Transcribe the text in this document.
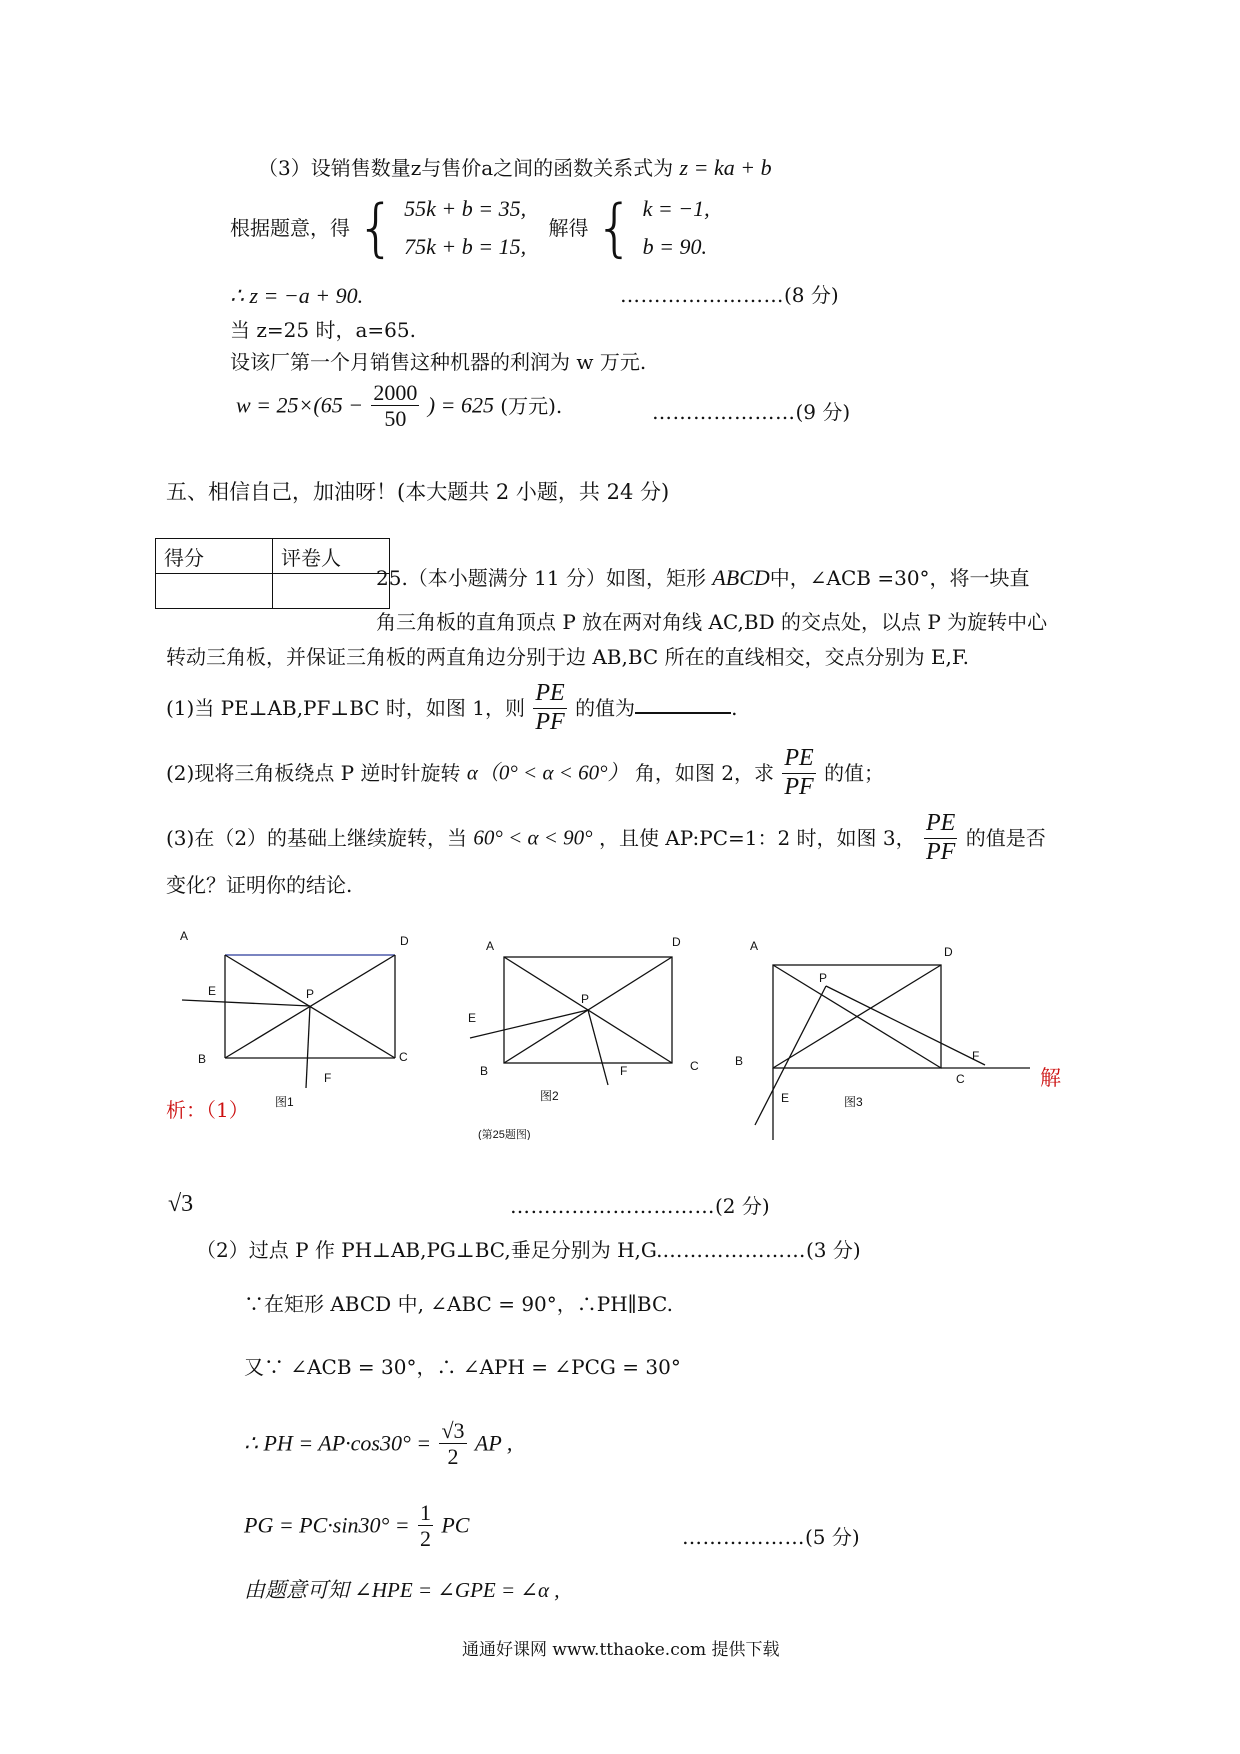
（3）设销售数量z与售价a之间的函数关系式为 z = ka + b
根据题意，得 { 55k + b = 35,
75k + b = 15,
解得 { k = −1,
b = 90.
∴ z = −a + 90.	……………………(8 分)
当 z=25 时，a=65.
设该厂第一个月销售这种机器的利润为 w 万元.
$w = 25\times(65 - \frac{2000}{50}$ ) = 625 (万元).	…………………(9 分)
五、相信自己，加油呀！(本大题共 2 小题，共 24 分)
得分	评卷人

25.（本小题满分 11 分）如图，矩形 ABCD中，∠ACB =30°，将一块直
角三角板的直角顶点 P 放在两对角线 AC,BD 的交点处，以点 P 为旋转中心
转动三角板，并保证三角板的两直角边分别于边 AB,BC 所在的直线相交，交点分别为 E,F.
(1)当 PE⊥AB,PF⊥BC 时，如图 1，则 $\frac{PE}{PF}$ 的值为	.
(2)现将三角板绕点 P 逆时针旋转 α（0° < α < 60°） 角，如图 2，求 $\frac{PE}{PF}$ 的值；
(3)在（2）的基础上继续旋转，当 60° < α < 90° ，且使 AP:PC=1：2 时，如图 3， $\frac{PE}{PF}$ 的值是否
变化？证明你的结论.
A	D
E	P
B	C
F
A	D
E
P
B	F	C
A	D
P
B	F
C
E
图1	图2	图3
(第25题图)
解
析：（1）
√3	…………………………(2 分)
（2）过点 P 作 PH⊥AB,PG⊥BC,垂足分别为 H,G.…………………(3 分)
∵在矩形 ABCD 中, ∠ABC = 90°，∴PH∥BC.
又∵ ∠ACB = 30°，∴ ∠APH = ∠PCG = 30°
∴ PH = $AP\cdot\cos 30^\circ = \frac{√3}{2}$ AP ,
PG = $PC\cdot\sin 30^\circ = \frac{1}{2}$ PC	………………(5 分)
由题意可知 ∠HPE = ∠GPE = ∠α ,
通通好课网 www.tthaoke.com 提供下载
